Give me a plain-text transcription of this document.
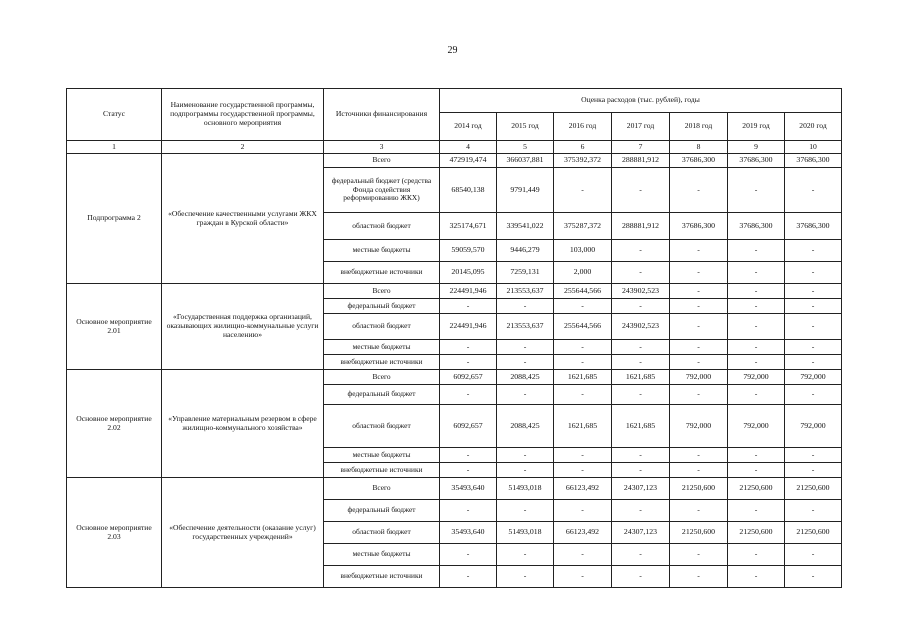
29
Статус	Наименование государственной программы, подпрограммы государственной программы, основного мероприятия	Источники финансирования	Оценка расходов (тыс. рублей), годы						
			2014 год	2015 год	2016 год	2017 год	2018 год	2019 год	2020 год
1	2	3	4	5	6	7	8	9	10
Подпрограмма 2	«Обеспечение качественными услугами ЖКХ граждан в Курской области»	Всего	472919,474	366037,881	375392,372	288881,912	37686,300	37686,300	37686,300
		федеральный бюджет (средства Фонда содействия реформированию ЖКХ)	68540,138	9791,449	-	-	-	-	-
		областной бюджет	325174,671	339541,022	375287,372	288881,912	37686,300	37686,300	37686,300
		местные бюджеты	59059,570	9446,279	103,000	-	-	-	-
		внебюджетные источники	20145,095	7259,131	2,000	-	-	-	-
Основное мероприятие 2.01	«Государственная поддержка организаций, оказывающих жилищно-коммунальные услуги населению»	Всего	224491,946	213553,637	255644,566	243902,523	-	-	-
		федеральный бюджет	-	-	-	-	-	-	-
		областной бюджет	224491,946	213553,637	255644,566	243902,523	-	-	-
		местные бюджеты	-	-	-	-	-	-	-
		внебюджетные источники	-	-	-	-	-	-	-
Основное мероприятие 2.02	«Управление материальным резервом в сфере жилищно-коммунального хозяйства»	Всего	6092,657	2088,425	1621,685	1621,685	792,000	792,000	792,000
		федеральный бюджет	-	-	-	-	-	-	-
		областной бюджет	6092,657	2088,425	1621,685	1621,685	792,000	792,000	792,000
		местные бюджеты	-	-	-	-	-	-	-
		внебюджетные источники	-	-	-	-	-	-	-
Основное мероприятие 2.03	«Обеспечение деятельности (оказание услуг) государственных учреждений»	Всего	35493,640	51493,018	66123,492	24307,123	21250,600	21250,600	21250,600
		федеральный бюджет	-	-	-	-	-	-	-
		областной бюджет	35493,640	51493,018	66123,492	24307,123	21250,600	21250,600	21250,600
		местные бюджеты	-	-	-	-	-	-	-
		внебюджетные источники	-	-	-	-	-	-	-
